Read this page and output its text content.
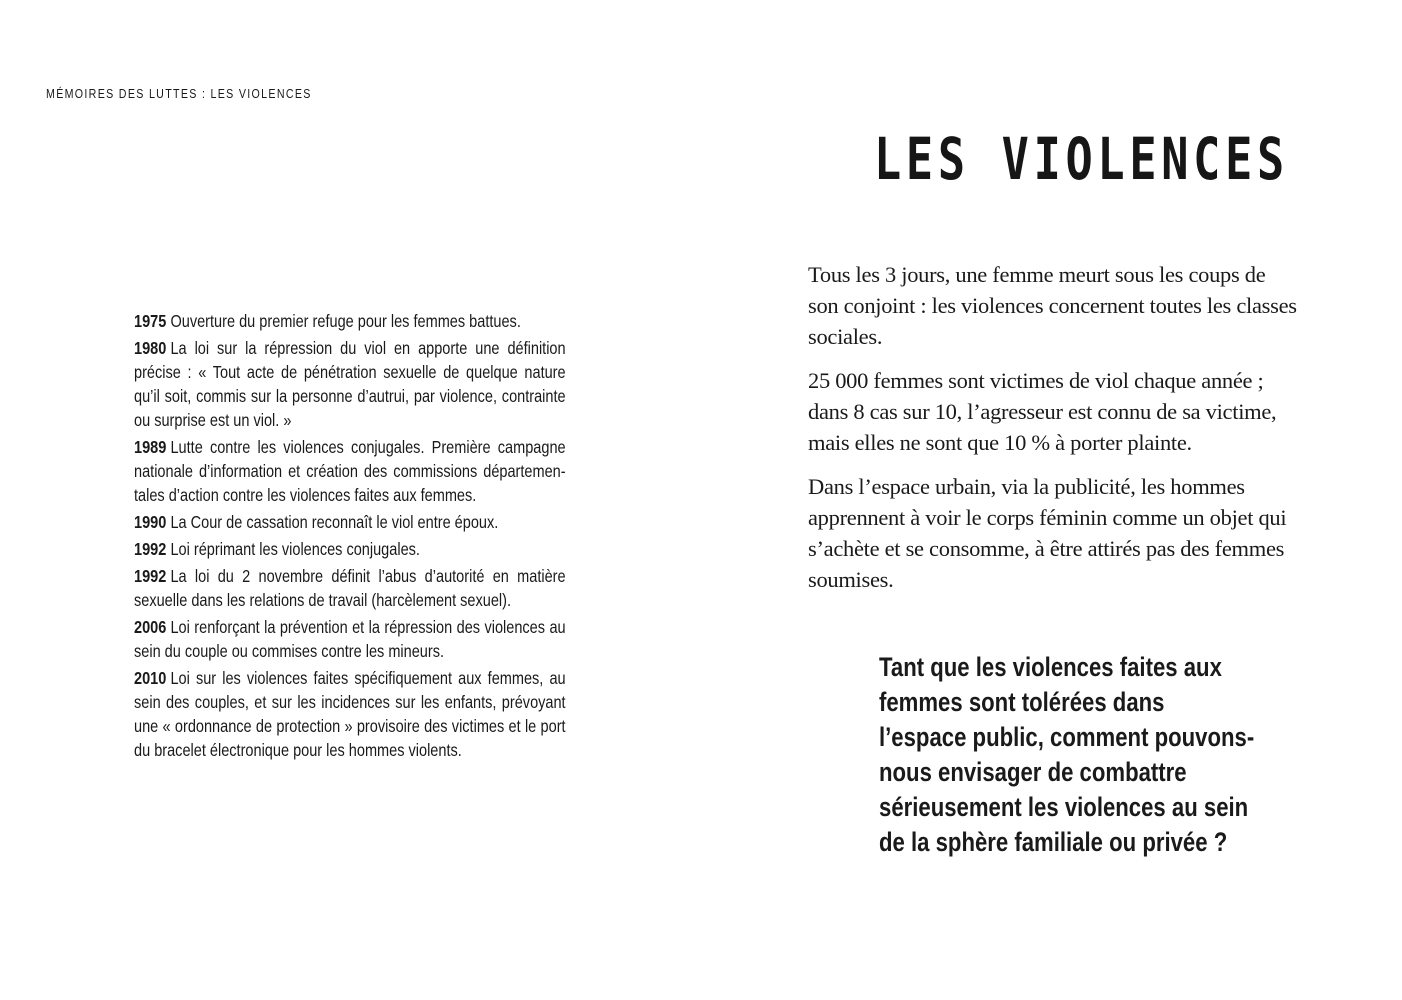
MÉMOIRES DES LUTTES : LES VIOLENCES

1975 Ouverture du premier refuge pour les femmes battues.

1980 La loi sur la répression du viol en apporte une définition précise : « Tout acte de pénétration sexuelle de quelque nature qu’il soit, commis sur la personne d’autrui, par violence, contrainte ou surprise est un viol. »

1989 Lutte contre les violences conjugales. Première campagne nationale d’information et création des commissions départementales d’action contre les violences faites aux femmes.

1990 La Cour de cassation reconnaît le viol entre époux.

1992 Loi réprimant les violences conjugales.

1992 La loi du 2 novembre définit l’abus d’autorité en matière sexuelle dans les relations de travail (harcèlement sexuel).

2006 Loi renforçant la prévention et la répression des violences au sein du couple ou commises contre les mineurs.

2010 Loi sur les violences faites spécifiquement aux femmes, au sein des couples, et sur les incidences sur les enfants, prévoyant une « ordonnance de protection » provisoire des victimes et le port du bracelet électronique pour les hommes violents.

LES VIOLENCES

Tous les 3 jours, une femme meurt sous les coups de son conjoint : les violences concernent toutes les classes sociales.

25 000 femmes sont victimes de viol chaque année ; dans 8 cas sur 10, l’agresseur est connu de sa victime, mais elles ne sont que 10 % à porter plainte.

Dans l’espace urbain, via la publicité, les hommes apprennent à voir le corps féminin comme un objet qui s’achète et se consomme, à être attirés pas des femmes soumises.

Tant que les violences faites aux femmes sont tolérées dans l’espace public, comment pouvons-nous envisager de combattre sérieusement les violences au sein de la sphère familiale ou privée ?
